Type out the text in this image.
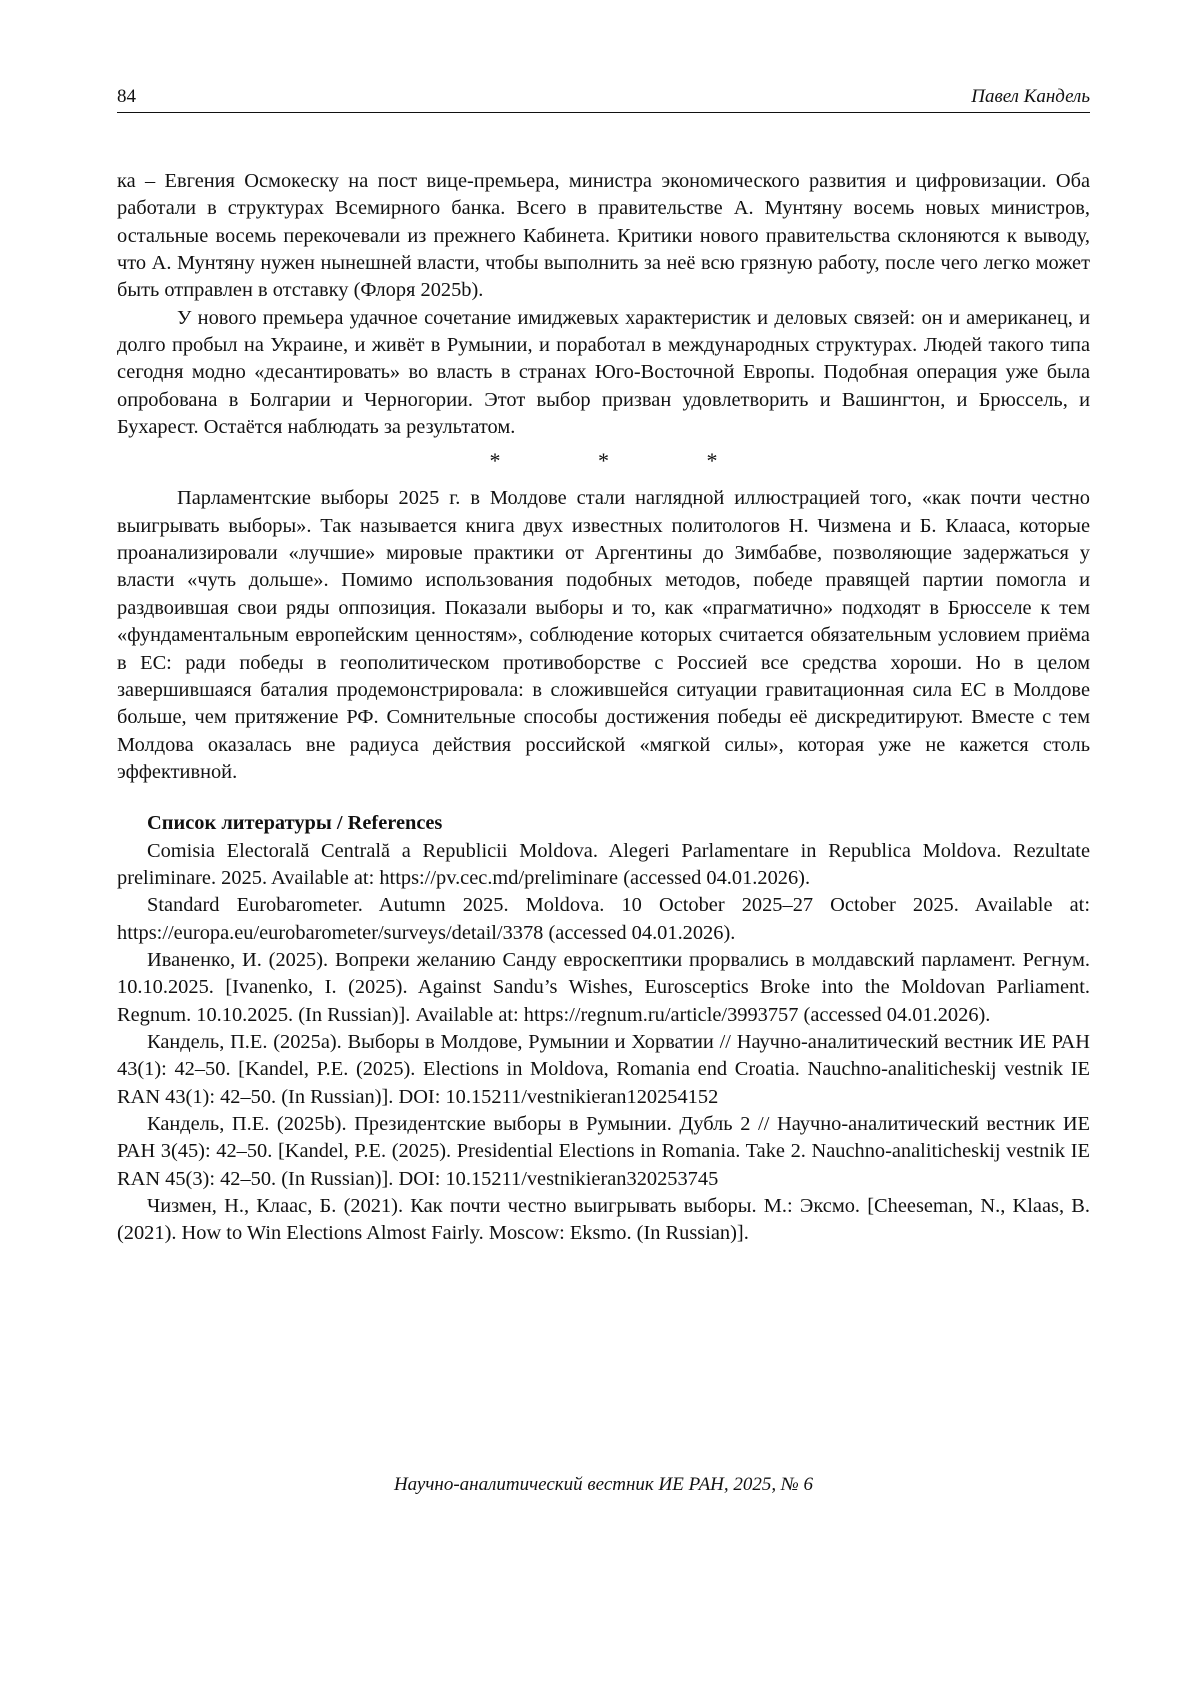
84	Павел Кандель

ка – Евгения Осмокеску на пост вице-премьера, министра экономического развития и цифровизации. Оба работали в структурах Всемирного банка. Всего в правительстве А. Мунтяну восемь новых министров, остальные восемь перекочевали из прежнего Кабинета. Критики нового правительства склоняются к выводу, что А. Мунтяну нужен нынешней власти, чтобы выполнить за неё всю грязную работу, после чего легко может быть отправлен в отставку (Флоря 2025b).

У нового премьера удачное сочетание имиджевых характеристик и деловых связей: он и американец, и долго пробыл на Украине, и живёт в Румынии, и поработал в международных структурах. Людей такого типа сегодня модно «десантировать» во власть в странах Юго-Восточной Европы. Подобная операция уже была опробована в Болгарии и Черногории. Этот выбор призван удовлетворить и Вашингтон, и Брюссель, и Бухарест. Остаётся наблюдать за результатом.

* * *

Парламентские выборы 2025 г. в Молдове стали наглядной иллюстрацией того, «как почти честно выигрывать выборы». Так называется книга двух известных политологов Н. Чизмена и Б. Клааса, которые проанализировали «лучшие» мировые практики от Аргентины до Зимбабве, позволяющие задержаться у власти «чуть дольше». Помимо использования подобных методов, победе правящей партии помогла и раздвоившая свои ряды оппозиция. Показали выборы и то, как «прагматично» подходят в Брюсселе к тем «фундаментальным европейским ценностям», соблюдение которых считается обязательным условием приёма в ЕС: ради победы в геополитическом противоборстве с Россией все средства хороши. Но в целом завершившаяся баталия продемонстрировала: в сложившейся ситуации гравитационная сила ЕС в Молдове больше, чем притяжение РФ. Сомнительные способы достижения победы её дискредитируют. Вместе с тем Молдова оказалась вне радиуса действия российской «мягкой силы», которая уже не кажется столь эффективной.

Список литературы / References

Comisia Electorală Centrală a Republicii Moldova. Alegeri Parlamentare in Republica Moldova. Rezultate preliminare. 2025. Available at: https://pv.cec.md/preliminare (accessed 04.01.2026).

Standard Eurobarometer. Autumn 2025. Moldova. 10 October 2025–27 October 2025. Available at: https://europa.eu/eurobarometer/surveys/detail/3378 (accessed 04.01.2026).

Иваненко, И. (2025). Вопреки желанию Санду евроскептики прорвались в молдавский парламент. Регнум. 10.10.2025. [Ivanenko, I. (2025). Against Sandu’s Wishes, Eurosceptics Broke into the Moldovan Parliament. Regnum. 10.10.2025. (In Russian)]. Available at: https://regnum.ru/article/3993757 (accessed 04.01.2026).

Кандель, П.Е. (2025a). Выборы в Молдове, Румынии и Хорватии // Научно-аналитический вестник ИЕ РАН 43(1): 42–50. [Kandel, P.E. (2025). Elections in Moldova, Romania end Croatia. Nauchno-analiticheskij vestnik IE RAN 43(1): 42–50. (In Russian)]. DOI: 10.15211/vestnikieran120254152

Кандель, П.Е. (2025b). Президентские выборы в Румынии. Дубль 2 // Научно-аналитический вестник ИЕ РАН 3(45): 42–50. [Kandel, P.E. (2025). Presidential Elections in Romania. Take 2. Nauchno-analiticheskij vestnik IE RAN 45(3): 42–50. (In Russian)]. DOI: 10.15211/vestnikieran320253745

Чизмен, Н., Клаас, Б. (2021). Как почти честно выигрывать выборы. М.: Эксмо. [Cheeseman, N., Klaas, B. (2021). How to Win Elections Almost Fairly. Moscow: Eksmo. (In Russian)].

Научно-аналитический вестник ИЕ РАН, 2025, № 6
